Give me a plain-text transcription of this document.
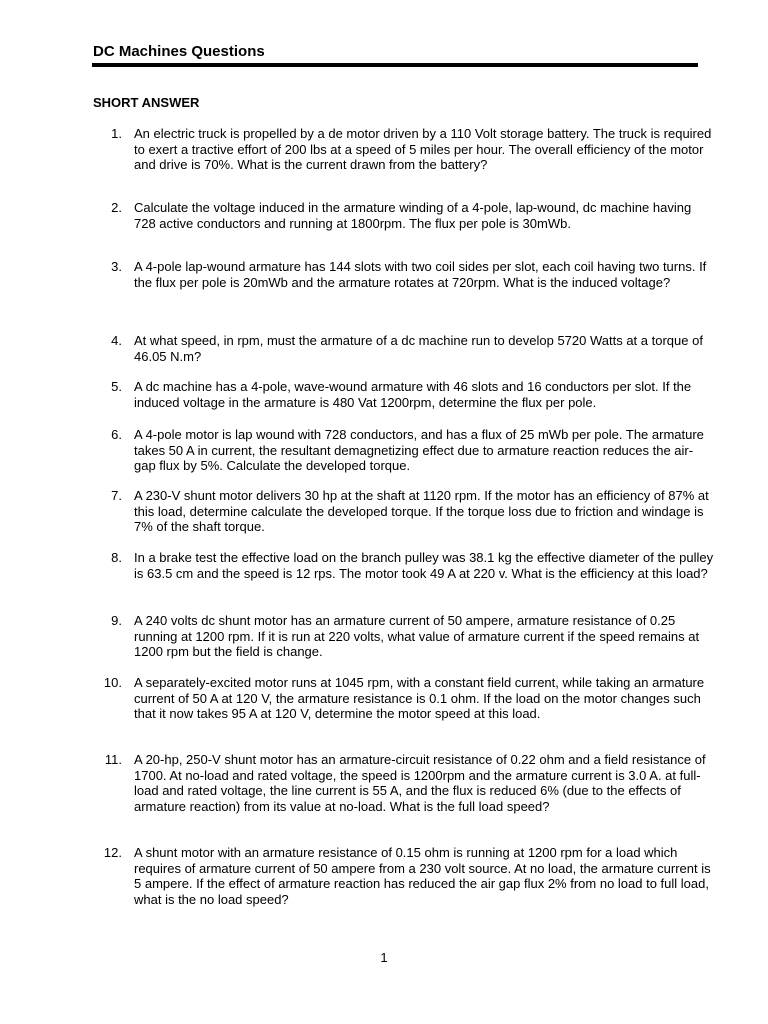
DC Machines Questions
SHORT ANSWER
1. An electric truck is propelled by a de motor driven by a 110 Volt storage battery. The truck is required to exert a tractive effort of 200 lbs at a speed of 5 miles per hour. The overall efficiency of the motor and drive is 70%. What is the current drawn from the battery?
2. Calculate the voltage induced in the armature winding of a 4-pole, lap-wound, dc machine having 728 active conductors and running at 1800rpm. The flux per pole is 30mWb.
3. A 4-pole lap-wound armature has 144 slots with two coil sides per slot, each coil having two turns. If the flux per pole is 20mWb and the armature rotates at 720rpm. What is the induced voltage?
4. At what speed, in rpm, must the armature of a dc machine run to develop 5720 Watts at a torque of 46.05 N.m?
5. A dc machine has a 4-pole, wave-wound armature with 46 slots and 16 conductors per slot. If the induced voltage in the armature is 480 Vat 1200rpm, determine the flux per pole.
6. A 4-pole motor is lap wound with 728 conductors, and has a flux of 25 mWb per pole. The armature takes 50 A in current, the resultant demagnetizing effect due to armature reaction reduces the air-gap flux by 5%. Calculate the developed torque.
7. A 230-V shunt motor delivers 30 hp at the shaft at 1120 rpm. If the motor has an efficiency of 87% at this load, determine calculate the developed torque. If the torque loss due to friction and windage is 7% of the shaft torque.
8. In a brake test the effective load on the branch pulley was 38.1 kg the effective diameter of the pulley is 63.5 cm and the speed is 12 rps. The motor took 49 A at 220 v. What is the efficiency at this load?
9. A 240 volts dc shunt motor has an armature current of 50 ampere, armature resistance of 0.25 running at 1200 rpm. If it is run at 220 volts, what value of armature current if the speed remains at 1200 rpm but the field is change.
10. A separately-excited motor runs at 1045 rpm, with a constant field current, while taking an armature current of 50 A at 120 V, the armature resistance is 0.1 ohm. If the load on the motor changes such that it now takes 95 A at 120 V, determine the motor speed at this load.
11. A 20-hp, 250-V shunt motor has an armature-circuit resistance of 0.22 ohm and a field resistance of 1700. At no-load and rated voltage, the speed is 1200rpm and the armature current is 3.0 A. at full-load and rated voltage, the line current is 55 A, and the flux is reduced 6% (due to the effects of armature reaction) from its value at no-load. What is the full load speed?
12. A shunt motor with an armature resistance of 0.15 ohm is running at 1200 rpm for a load which requires of armature current of 50 ampere from a 230 volt source. At no load, the armature current is 5 ampere. If the effect of armature reaction has reduced the air gap flux 2% from no load to full load, what is the no load speed?
1
